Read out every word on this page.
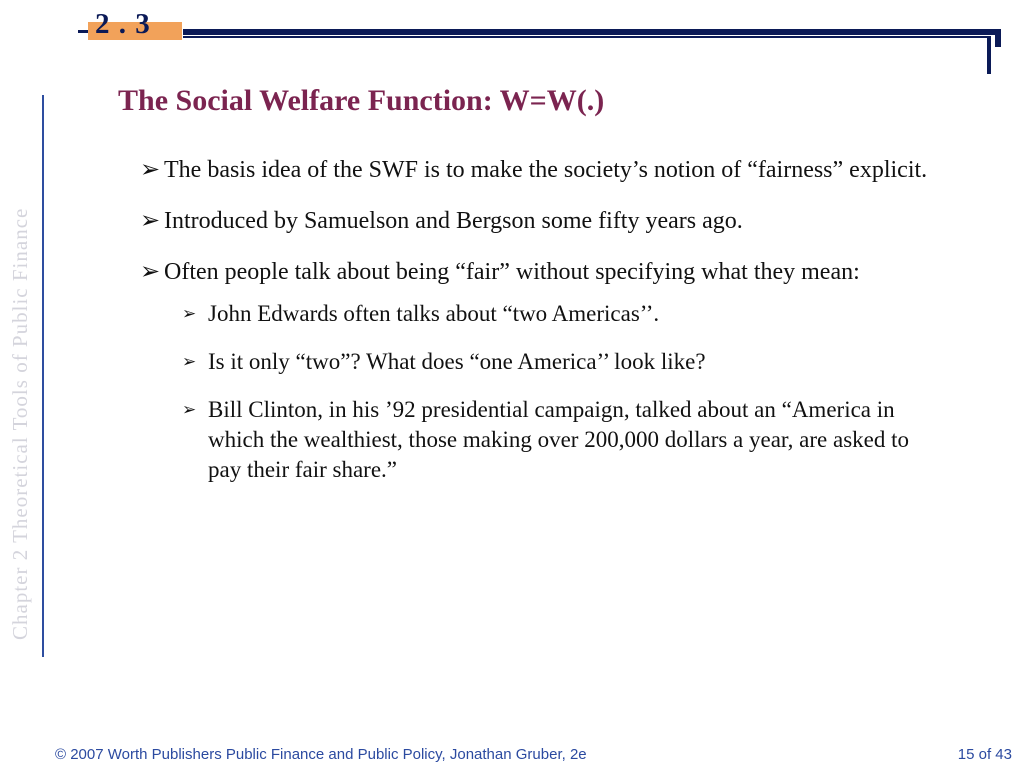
2 . 3
Chapter 2 Theoretical Tools of Public Finance
The Social Welfare Function: W=W(.)
➢ The basis idea of the SWF is to make the society’s notion of “fairness” explicit.
➢ Introduced by Samuelson and Bergson some fifty years ago.
➢ Often people talk about being “fair” without specifying what they mean:
➢ John Edwards often talks about “two Americas’’.
➢ Is it only “two”? What does “one America’’ look like?
➢ Bill Clinton, in his ’92 presidential campaign, talked about an “America in which the wealthiest, those making over 200,000 dollars a year, are asked to pay their fair share.”
© 2007 Worth Publishers Public Finance and Public Policy, Jonathan Gruber, 2e	15 of 43
